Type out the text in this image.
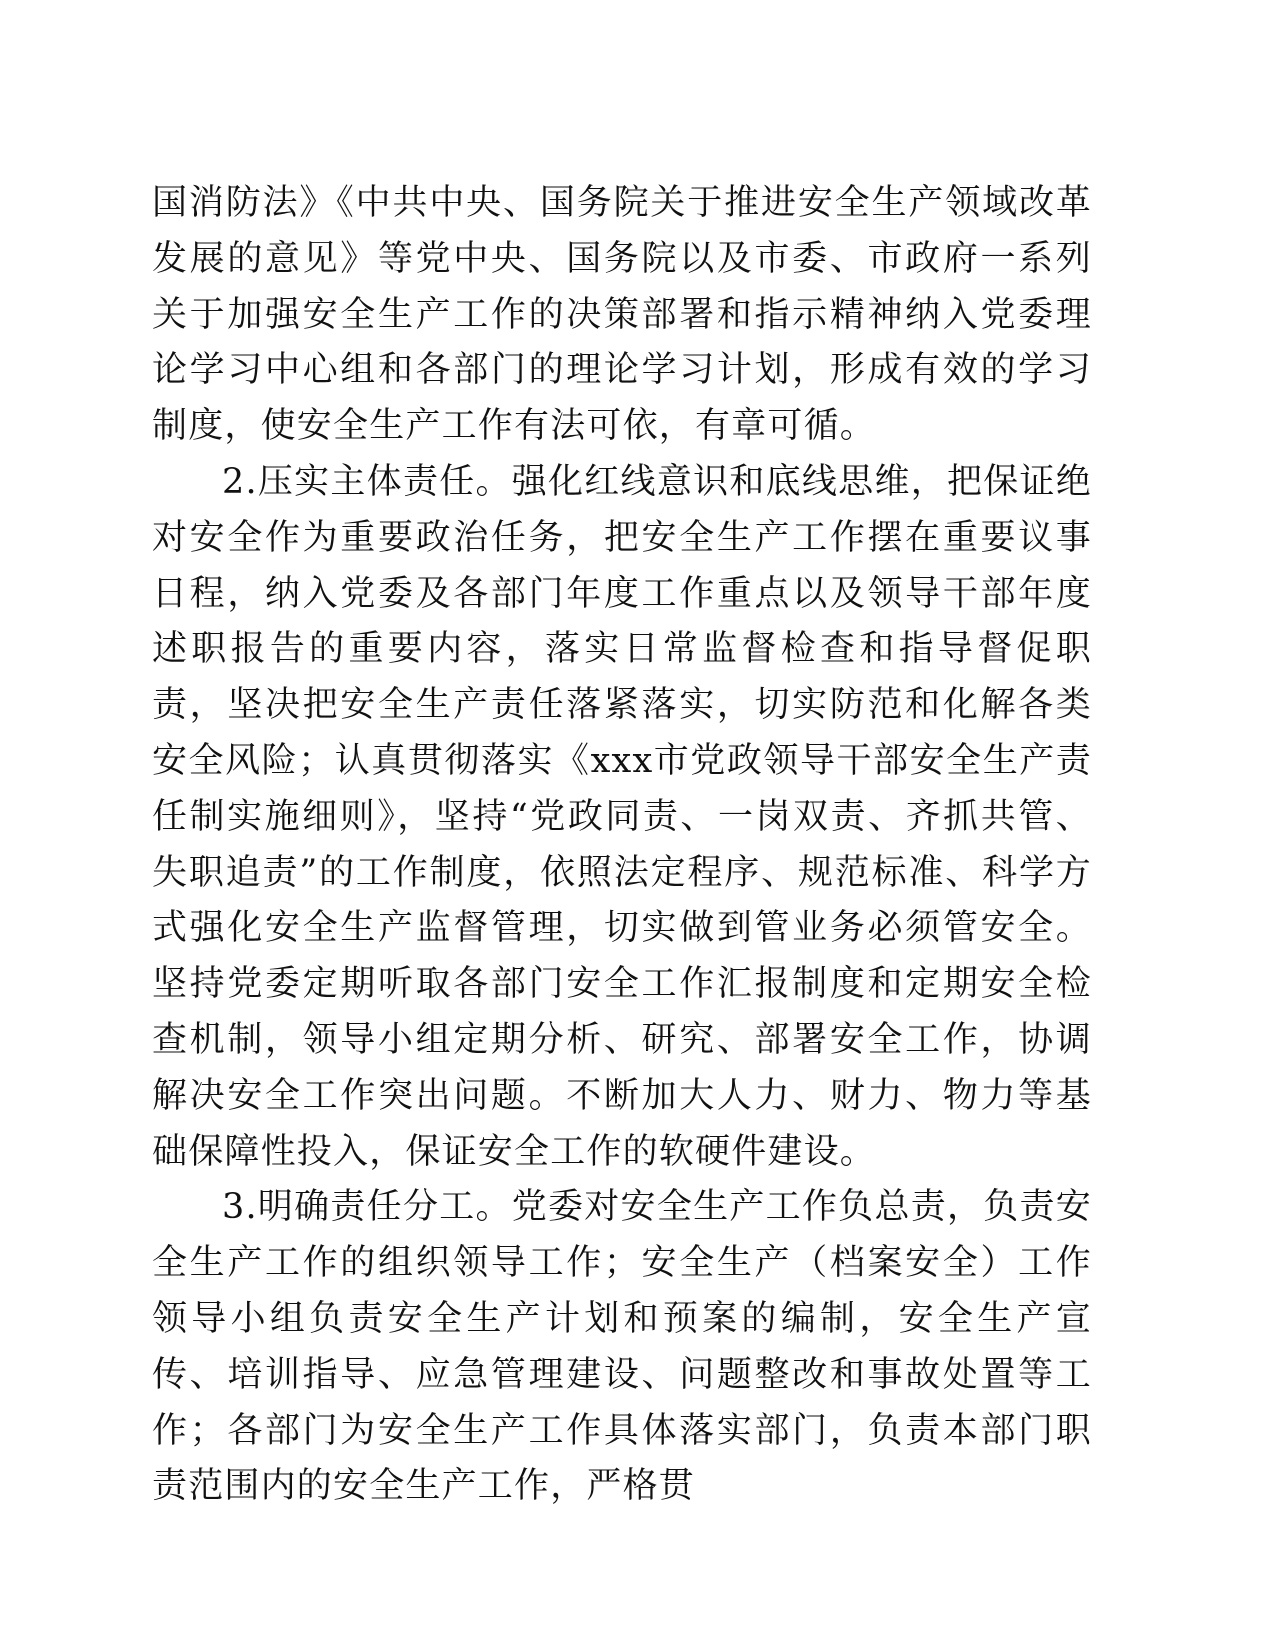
国消防法》《中共中央、国务院关于推进安全生产领域改革发展的意见》等党中央、国务院以及市委、市政府一系列关于加强安全生产工作的决策部署和指示精神纳入党委理论学习中心组和各部门的理论学习计划，形成有效的学习制度，使安全生产工作有法可依，有章可循。

2.压实主体责任。强化红线意识和底线思维，把保证绝对安全作为重要政治任务，把安全生产工作摆在重要议事日程，纳入党委及各部门年度工作重点以及领导干部年度述职报告的重要内容，落实日常监督检查和指导督促职责，坚决把安全生产责任落紧落实，切实防范和化解各类安全风险；认真贯彻落实《xxx市党政领导干部安全生产责任制实施细则》，坚持“党政同责、一岗双责、齐抓共管、失职追责”的工作制度，依照法定程序、规范标准、科学方式强化安全生产监督管理，切实做到管业务必须管安全。坚持党委定期听取各部门安全工作汇报制度和定期安全检查机制，领导小组定期分析、研究、部署安全工作，协调解决安全工作突出问题。不断加大人力、财力、物力等基础保障性投入，保证安全工作的软硬件建设。

3.明确责任分工。党委对安全生产工作负总责，负责安全生产工作的组织领导工作；安全生产（档案安全）工作领导小组负责安全生产计划和预案的编制，安全生产宣传、培训指导、应急管理建设、问题整改和事故处置等工作；各部门为安全生产工作具体落实部门，负责本部门职责范围内的安全生产工作，严格贯
